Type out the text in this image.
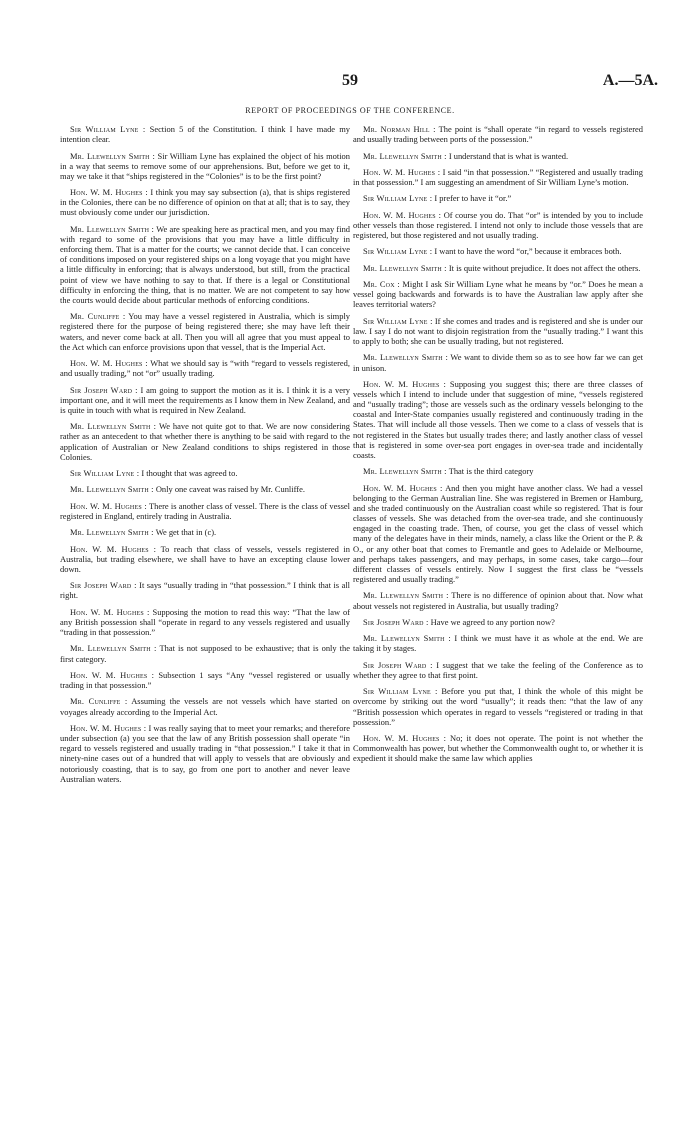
59	A.—5A.
REPORT OF PROCEEDINGS OF THE CONFERENCE.

Sir William Lyne : Section 5 of the Constitution. I think I have made my intention clear.

Mr. Llewellyn Smith : Sir William Lyne has explained the object of his motion in a way that seems to remove some of our apprehensions. But, before we get to it, may we take it that “ships registered in the “Colonies” is to be the first point?

Hon. W. M. Hughes : I think you may say subsection (a), that is ships registered in the Colonies, there can be no difference of opinion on that at all; that is to say, they must obviously come under our jurisdiction.

Mr. Llewellyn Smith : We are speaking here as practical men, and you may find with regard to some of the provisions that you may have a little difficulty in enforcing them. That is a matter for the courts; we cannot decide that. I can conceive of conditions imposed on your registered ships on a long voyage that you might have a little difficulty in enforcing; that is always understood, but still, from the practical point of view we have nothing to say to that. If there is a legal or Constitutional difficulty in enforcing the thing, that is no matter. We are not competent to say how the courts would decide about particular methods of enforcing conditions.

Mr. Cunliffe : You may have a vessel registered in Australia, which is simply registered there for the purpose of being registered there; she may have left their waters, and never come back at all. Then you will all agree that you must appeal to the Act which can enforce provisions upon that vessel, that is the Imperial Act.

Hon. W. M. Hughes : What we should say is “with “regard to vessels registered, and usually trading,” not “or” usually trading.

Sir Joseph Ward : I am going to support the motion as it is. I think it is a very important one, and it will meet the requirements as I know them in New Zealand, and is quite in touch with what is required in New Zealand.

Mr. Llewellyn Smith : We have not quite got to that. We are now considering rather as an antecedent to that whether there is anything to be said with regard to the application of Australian or New Zealand conditions to ships registered in those Colonies.

Sir William Lyne : I thought that was agreed to.

Mr. Llewellyn Smith : Only one caveat was raised by Mr. Cunliffe.

Hon. W. M. Hughes : There is another class of vessel. There is the class of vessel registered in England, entirely trading in Australia.

Mr. Llewellyn Smith : We get that in (c).

Hon. W. M. Hughes : To reach that class of vessels, vessels registered in Australia, but trading elsewhere, we shall have to have an excepting clause lower down.

Sir Joseph Ward : It says “usually trading in “that possession.” I think that is all right.

Hon. W. M. Hughes : Supposing the motion to read this way: “That the law of any British possession shall “operate in regard to any vessels registered and usually “trading in that possession.”

Mr. Llewellyn Smith : That is not supposed to be exhaustive; that is only the first category.

Hon. W. M. Hughes : Subsection 1 says “Any “vessel registered or usually trading in that possession.”

Mr. Cunliffe : Assuming the vessels are not vessels which have started on voyages already according to the Imperial Act.

Hon. W. M. Hughes : I was really saying that to meet your remarks; and therefore under subsection (a) you see that the law of any British possession shall operate “in regard to vessels registered and usually trading in “that possession.” I take it that in ninety-nine cases out of a hundred that will apply to vessels that are obviously and notoriously coasting, that is to say, go from one port to another and never leave Australian waters.

Mr. Norman Hill : The point is “shall operate “in regard to vessels registered and usually trading between ports of the possession.”

Mr. Llewellyn Smith : I understand that is what is wanted.

Hon. W. M. Hughes : I said “in that possession.” “Registered and usually trading in that possession.” I am suggesting an amendment of Sir William Lyne’s motion.

Sir William Lyne : I prefer to have it “or.”

Hon. W. M. Hughes : Of course you do. That “or” is intended by you to include other vessels than those registered. I intend not only to include those vessels that are registered, but those registered and not usually trading.

Sir William Lyne : I want to have the word “or,” because it embraces both.

Mr. Llewellyn Smith : It is quite without prejudice. It does not affect the others.

Mr. Cox : Might I ask Sir William Lyne what he means by “or.” Does he mean a vessel going backwards and forwards is to have the Australian law apply after she leaves territorial waters?

Sir William Lyne : If she comes and trades and is registered and she is under our law. I say I do not want to disjoin registration from the “usually trading.” I want this to apply to both; she can be usually trading, but not registered.

Mr. Llewellyn Smith : We want to divide them so as to see how far we can get in unison.

Hon. W. M. Hughes : Supposing you suggest this; there are three classes of vessels which I intend to include under that suggestion of mine, “vessels registered and “usually trading”; those are vessels such as the ordinary vessels belonging to the coastal and Inter-State companies usually registered and continuously trading in the States. That will include all those vessels. Then we come to a class of vessels that is not registered in the States but usually trades there; and lastly another class of vessel that is registered in some over-sea port engages in over-sea trade and incidentally coasts.

Mr. Llewellyn Smith : That is the third category

Hon. W. M. Hughes : And then you might have another class. We had a vessel belonging to the German Australian line. She was registered in Bremen or Hamburg, and she traded continuously on the Australian coast while so registered. That is four classes of vessels. She was detached from the over-sea trade, and she continuously engaged in the coasting trade. Then, of course, you get the class of vessel which many of the delegates have in their minds, namely, a class like the Orient or the P. & O., or any other boat that comes to Fremantle and goes to Adelaide or Melbourne, and perhaps takes passengers, and may perhaps, in some cases, take cargo—four different classes of vessels entirely. Now I suggest the first class be “vessels registered and usually trading.”

Mr. Llewellyn Smith : There is no difference of opinion about that. Now what about vessels not registered in Australia, but usually trading?

Sir Joseph Ward : Have we agreed to any portion now?

Mr. Llewellyn Smith : I think we must have it as whole at the end. We are taking it by stages.

Sir Joseph Ward : I suggest that we take the feeling of the Conference as to whether they agree to that first point.

Sir William Lyne : Before you put that, I think the whole of this might be overcome by striking out the word “usually”; it reads then: “that the law of any “British possession which operates in regard to vessels “registered or trading in that possession.”

Hon. W. M. Hughes : No; it does not operate. The point is not whether the Commonwealth has power, but whether the Commonwealth ought to, or whether it is expedient it should make the same law which applies
